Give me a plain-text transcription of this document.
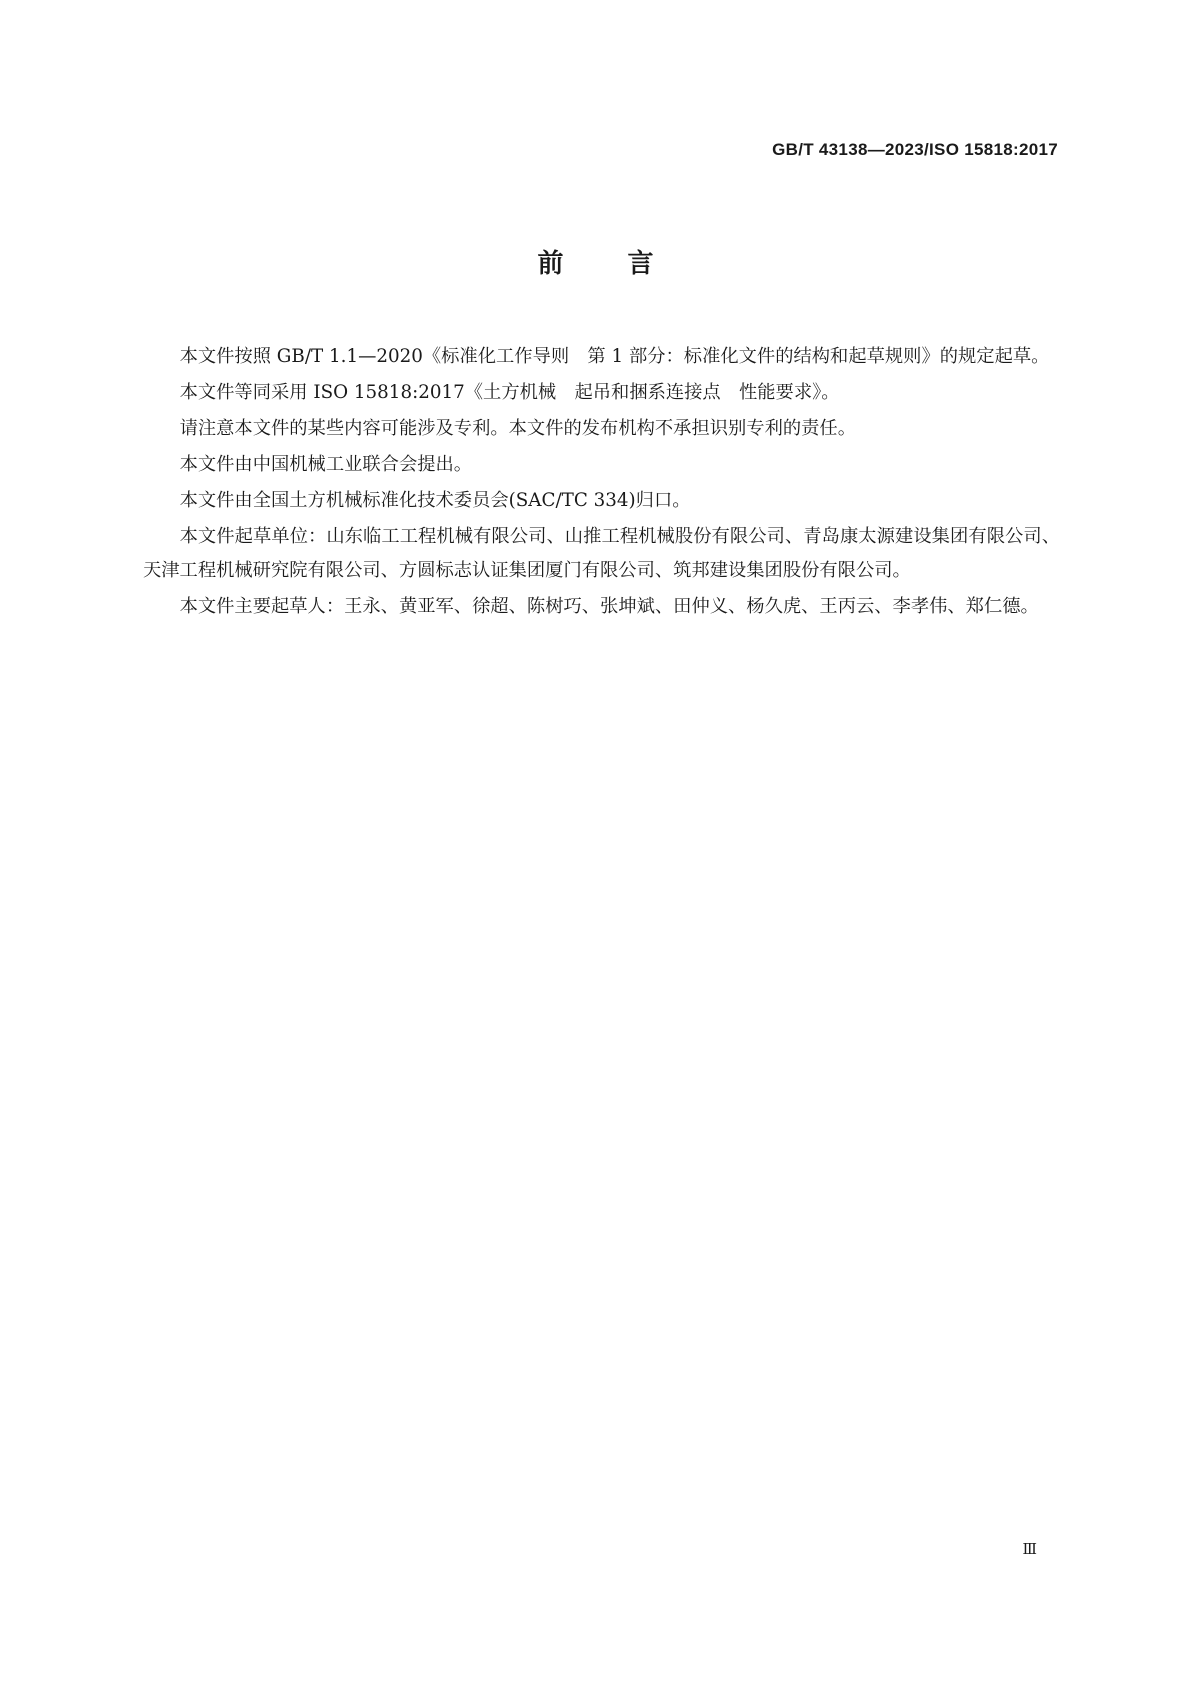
GB/T 43138—2023/ISO 15818:2017
前言

本文件按照 GB/T 1.1—2020《标准化工作导则　第 1 部分：标准化文件的结构和起草规则》的规定起草。

本文件等同采用 ISO 15818:2017《土方机械　起吊和捆系连接点　性能要求》。

请注意本文件的某些内容可能涉及专利。本文件的发布机构不承担识别专利的责任。

本文件由中国机械工业联合会提出。

本文件由全国土方机械标准化技术委员会(SAC/TC 334)归口。

本文件起草单位：山东临工工程机械有限公司、山推工程机械股份有限公司、青岛康太源建设集团有限公司、天津工程机械研究院有限公司、方圆标志认证集团厦门有限公司、筑邦建设集团股份有限公司。

本文件主要起草人：王永、黄亚军、徐超、陈树巧、张坤斌、田仲义、杨久虎、王丙云、李孝伟、郑仁德。

Ⅲ
